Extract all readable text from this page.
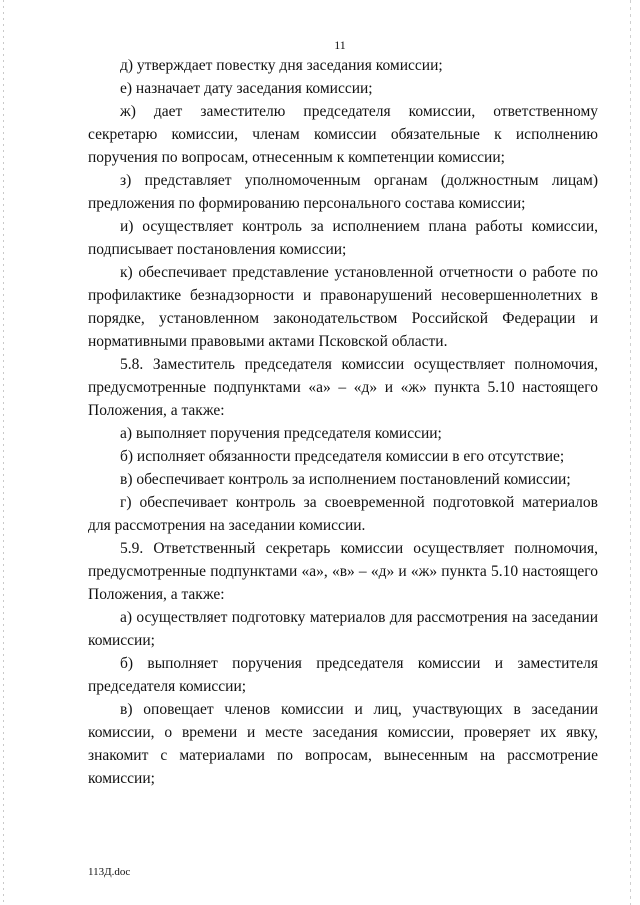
11

д) утверждает повестку дня заседания комиссии;

е) назначает дату заседания комиссии;

ж) дает заместителю председателя комиссии, ответственному секретарю комиссии, членам комиссии обязательные к исполнению поручения по вопросам, отнесенным к компетенции комиссии;

з) представляет уполномоченным органам (должностным лицам) предложения по формированию персонального состава комиссии;

и) осуществляет контроль за исполнением плана работы комиссии, подписывает постановления комиссии;

к) обеспечивает представление установленной отчетности о работе по профилактике безнадзорности и правонарушений несовершеннолетних в порядке, установленном законодательством Российской Федерации и нормативными правовыми актами Псковской области.

5.8. Заместитель председателя комиссии осуществляет полномочия, предусмотренные подпунктами «а» – «д» и «ж» пункта 5.10 настоящего Положения, а также:

а) выполняет поручения председателя комиссии;

б) исполняет обязанности председателя комиссии в его отсутствие;

в) обеспечивает контроль за исполнением постановлений комиссии;

г) обеспечивает контроль за своевременной подготовкой материалов для рассмотрения на заседании комиссии.

5.9. Ответственный секретарь комиссии осуществляет полномочия, предусмотренные подпунктами «а», «в» – «д» и «ж» пункта 5.10 настоящего Положения, а также:

а) осуществляет подготовку материалов для рассмотрения на заседании комиссии;

б) выполняет поручения председателя комиссии и заместителя председателя комиссии;

в) оповещает членов комиссии и лиц, участвующих в заседании комиссии, о времени и месте заседания комиссии, проверяет их явку, знакомит с материалами по вопросам, вынесенным на рассмотрение комиссии;

113Д.doc
